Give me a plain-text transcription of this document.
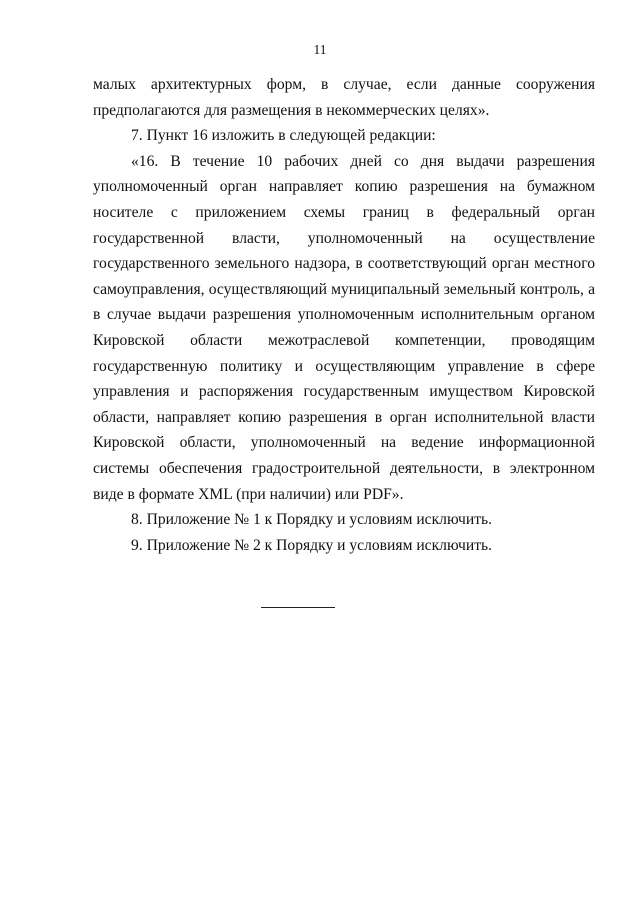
11

малых архитектурных форм, в случае, если данные сооружения предполагаются для размещения в некоммерческих целях».

7. Пункт 16 изложить в следующей редакции:

«16. В течение 10 рабочих дней со дня выдачи разрешения уполномоченный орган направляет копию разрешения на бумажном носителе с приложением схемы границ в федеральный орган государственной власти, уполномоченный на осуществление государственного земельного надзора, в соответствующий орган местного самоуправления, осуществляющий муниципальный земельный контроль, а в случае выдачи разрешения уполномоченным исполнительным органом Кировской области межотраслевой компетенции, проводящим государственную политику и осуществляющим управление в сфере управления и распоряжения государственным имуществом Кировской области, направляет копию разрешения в орган исполнительной власти Кировской области, уполномоченный на ведение информационной системы обеспечения градостроительной деятельности, в электронном виде в формате XML (при наличии) или PDF».

8. Приложение № 1 к Порядку и условиям исключить.

9. Приложение № 2 к Порядку и условиям исключить.
